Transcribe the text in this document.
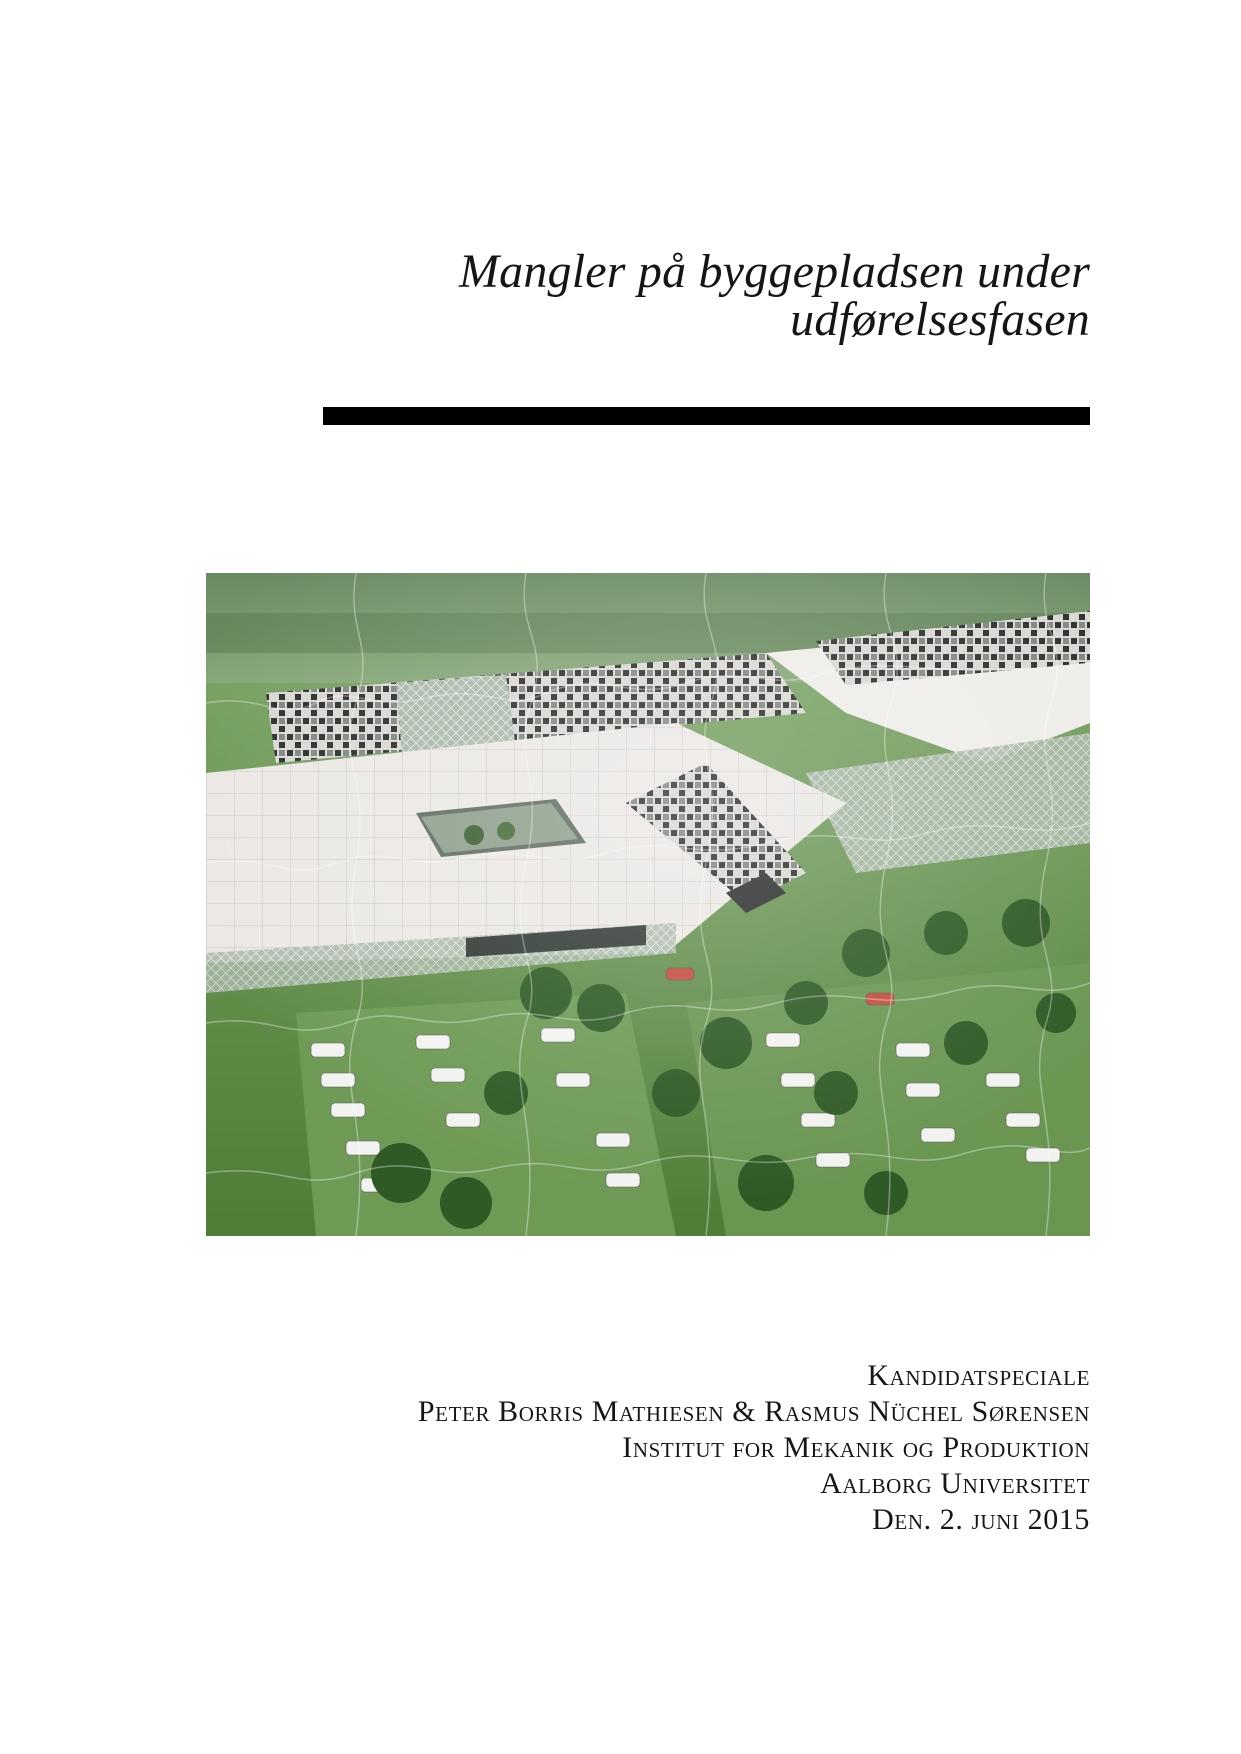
Mangler på byggepladsen under
udførelsesfasen
Kandidatspeciale
Peter Borris Mathiesen & Rasmus Nüchel Sørensen
Institut for Mekanik og Produktion
Aalborg Universitet
Den. 2. juni 2015
